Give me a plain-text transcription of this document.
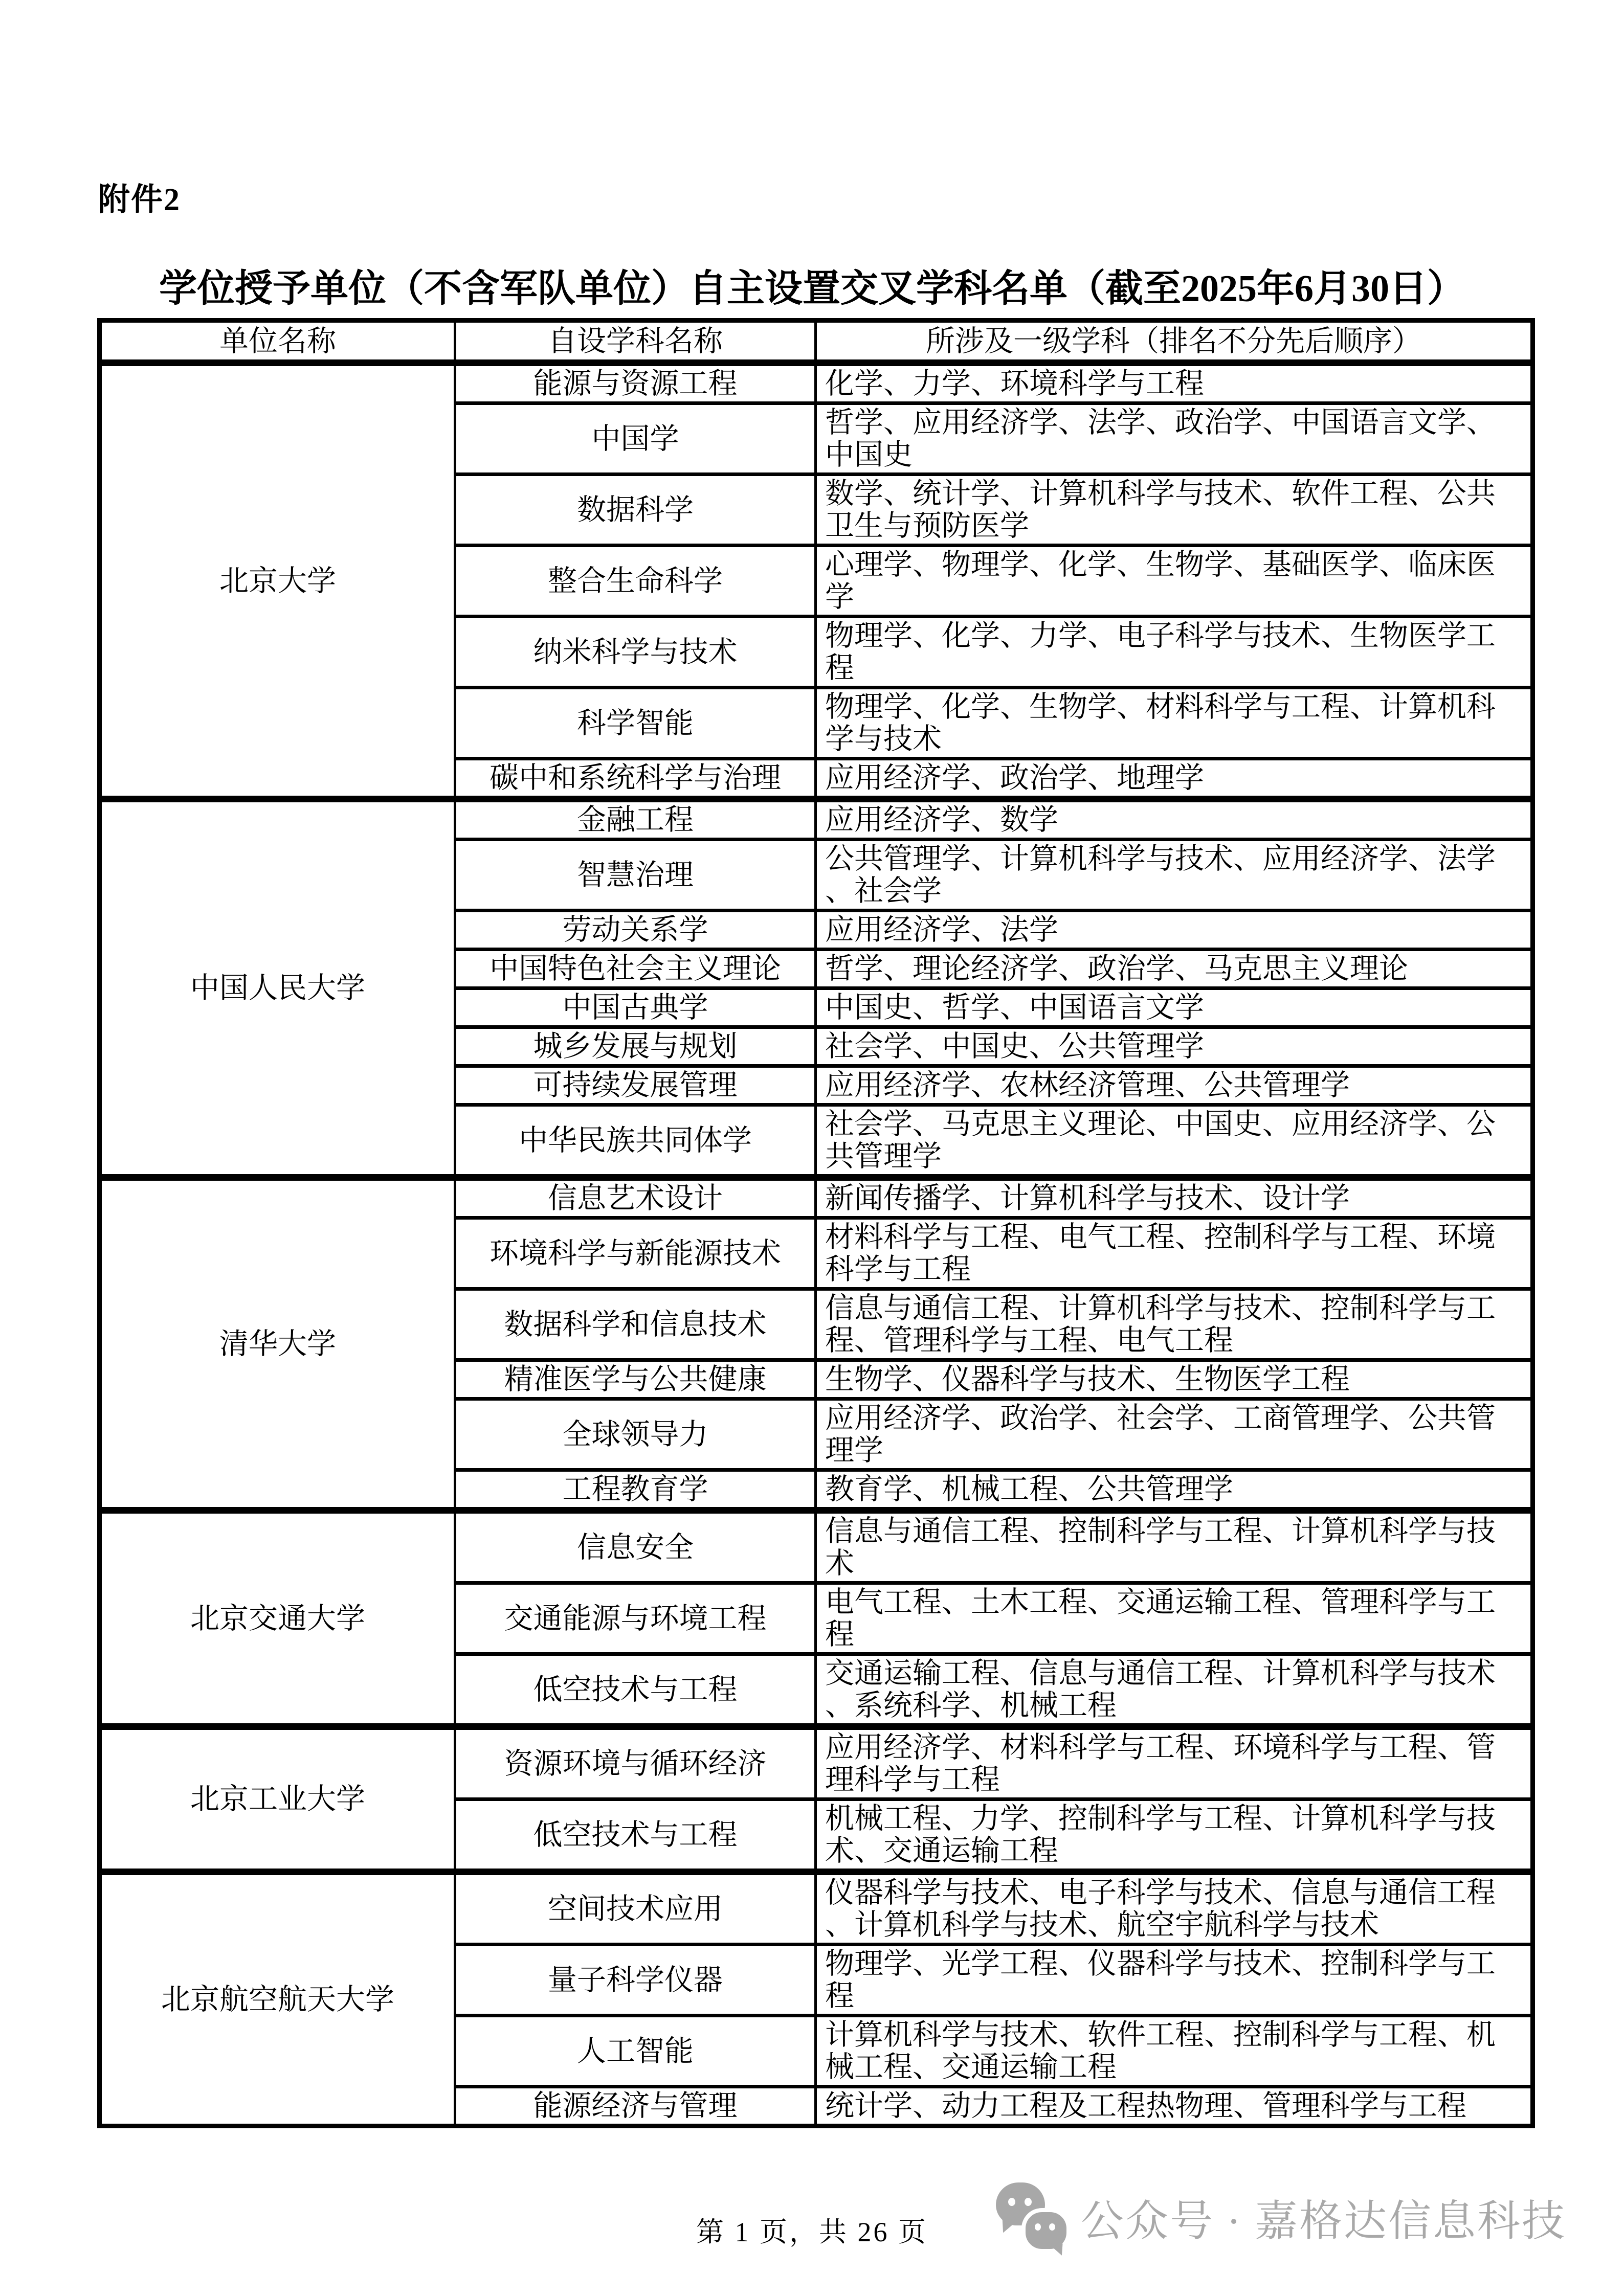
附件2
学位授予单位（不含军队单位）自主设置交叉学科名单（截至2025年6月30日）
单位名称	自设学科名称	所涉及一级学科（排名不分先后顺序）
北京大学	能源与资源工程	化学、力学、环境科学与工程
	中国学	哲学、应用经济学、法学、政治学、中国语言文学、中国史
	数据科学	数学、统计学、计算机科学与技术、软件工程、公共卫生与预防医学
	整合生命科学	心理学、物理学、化学、生物学、基础医学、临床医学
	纳米科学与技术	物理学、化学、力学、电子科学与技术、生物医学工程
	科学智能	物理学、化学、生物学、材料科学与工程、计算机科学与技术
	碳中和系统科学与治理	应用经济学、政治学、地理学
中国人民大学	金融工程	应用经济学、数学
	智慧治理	公共管理学、计算机科学与技术、应用经济学、法学、社会学
	劳动关系学	应用经济学、法学
	中国特色社会主义理论	哲学、理论经济学、政治学、马克思主义理论
	中国古典学	中国史、哲学、中国语言文学
	城乡发展与规划	社会学、中国史、公共管理学
	可持续发展管理	应用经济学、农林经济管理、公共管理学
	中华民族共同体学	社会学、马克思主义理论、中国史、应用经济学、公共管理学
清华大学	信息艺术设计	新闻传播学、计算机科学与技术、设计学
	环境科学与新能源技术	材料科学与工程、电气工程、控制科学与工程、环境科学与工程
	数据科学和信息技术	信息与通信工程、计算机科学与技术、控制科学与工程、管理科学与工程、电气工程
	精准医学与公共健康	生物学、仪器科学与技术、生物医学工程
	全球领导力	应用经济学、政治学、社会学、工商管理学、公共管理学
	工程教育学	教育学、机械工程、公共管理学
北京交通大学	信息安全	信息与通信工程、控制科学与工程、计算机科学与技术
	交通能源与环境工程	电气工程、土木工程、交通运输工程、管理科学与工程
	低空技术与工程	交通运输工程、信息与通信工程、计算机科学与技术、系统科学、机械工程
北京工业大学	资源环境与循环经济	应用经济学、材料科学与工程、环境科学与工程、管理科学与工程
	低空技术与工程	机械工程、力学、控制科学与工程、计算机科学与技术、交通运输工程
北京航空航天大学	空间技术应用	仪器科学与技术、电子科学与技术、信息与通信工程、计算机科学与技术、航空宇航科学与技术
	量子科学仪器	物理学、光学工程、仪器科学与技术、控制科学与工程
	人工智能	计算机科学与技术、软件工程、控制科学与工程、机械工程、交通运输工程
	能源经济与管理	统计学、动力工程及工程热物理、管理科学与工程
第 1 页，共 26 页	公众号 · 嘉格达信息科技
